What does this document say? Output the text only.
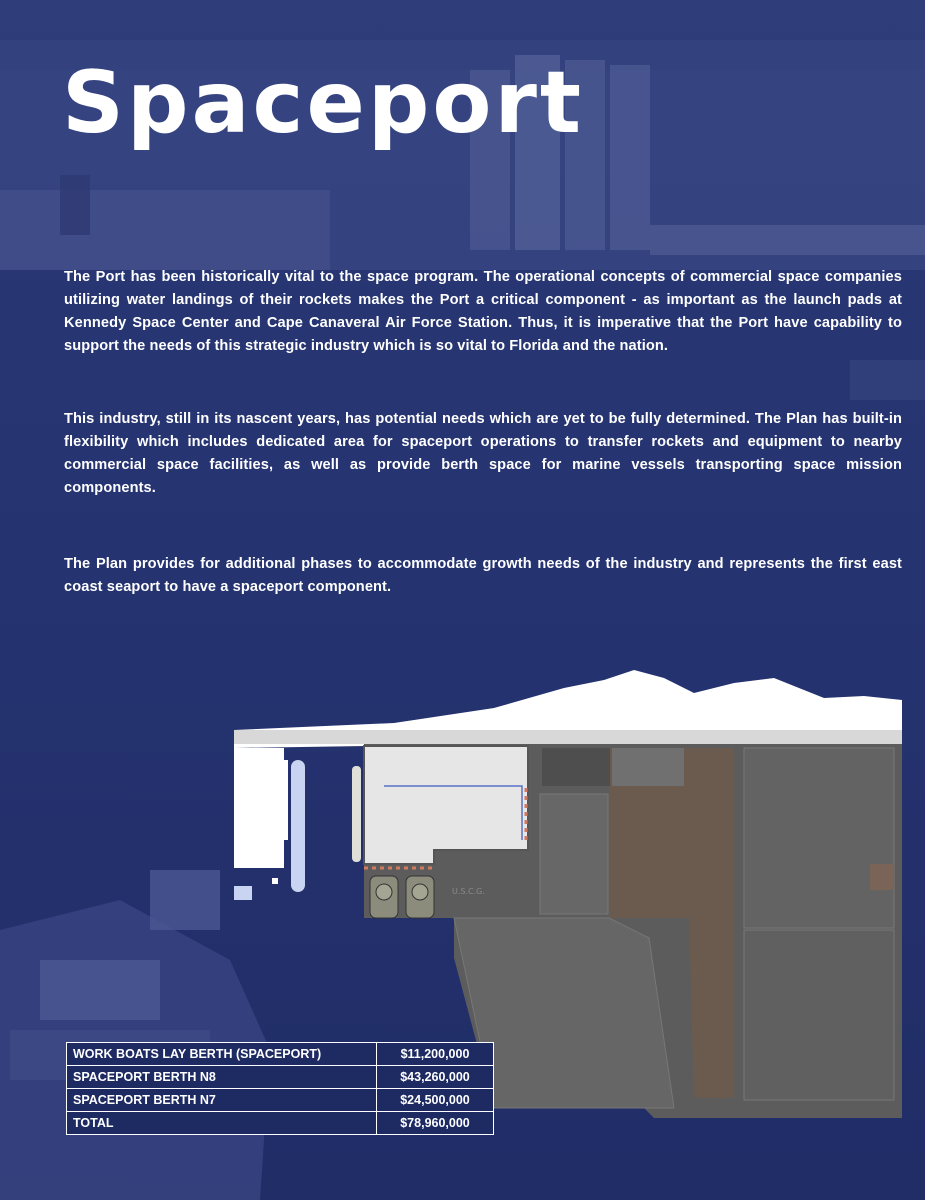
Spaceport

The Port has been historically vital to the space program. The operational concepts of commercial space companies utilizing water landings of their rockets makes the Port a critical component - as important as the launch pads at Kennedy Space Center and Cape Canaveral Air Force Station. Thus, it is imperative that the Port have capability to support the needs of this strategic industry which is so vital to Florida and the nation.

This industry, still in its nascent years, has potential needs which are yet to be fully determined. The Plan has built-in flexibility which includes dedicated area for spaceport operations to transfer rockets and equipment to nearby commercial space facilities, as well as provide berth space for marine vessels transporting space mission components.

The Plan provides for additional phases to accommodate growth needs of the industry and represents the first east coast seaport to have a spaceport component.

U.S.C.G.
WORK BOATS LAY BERTH (SPACEPORT)	$11,200,000
SPACEPORT BERTH N8	$43,260,000
SPACEPORT BERTH N7	$24,500,000
TOTAL	$78,960,000
